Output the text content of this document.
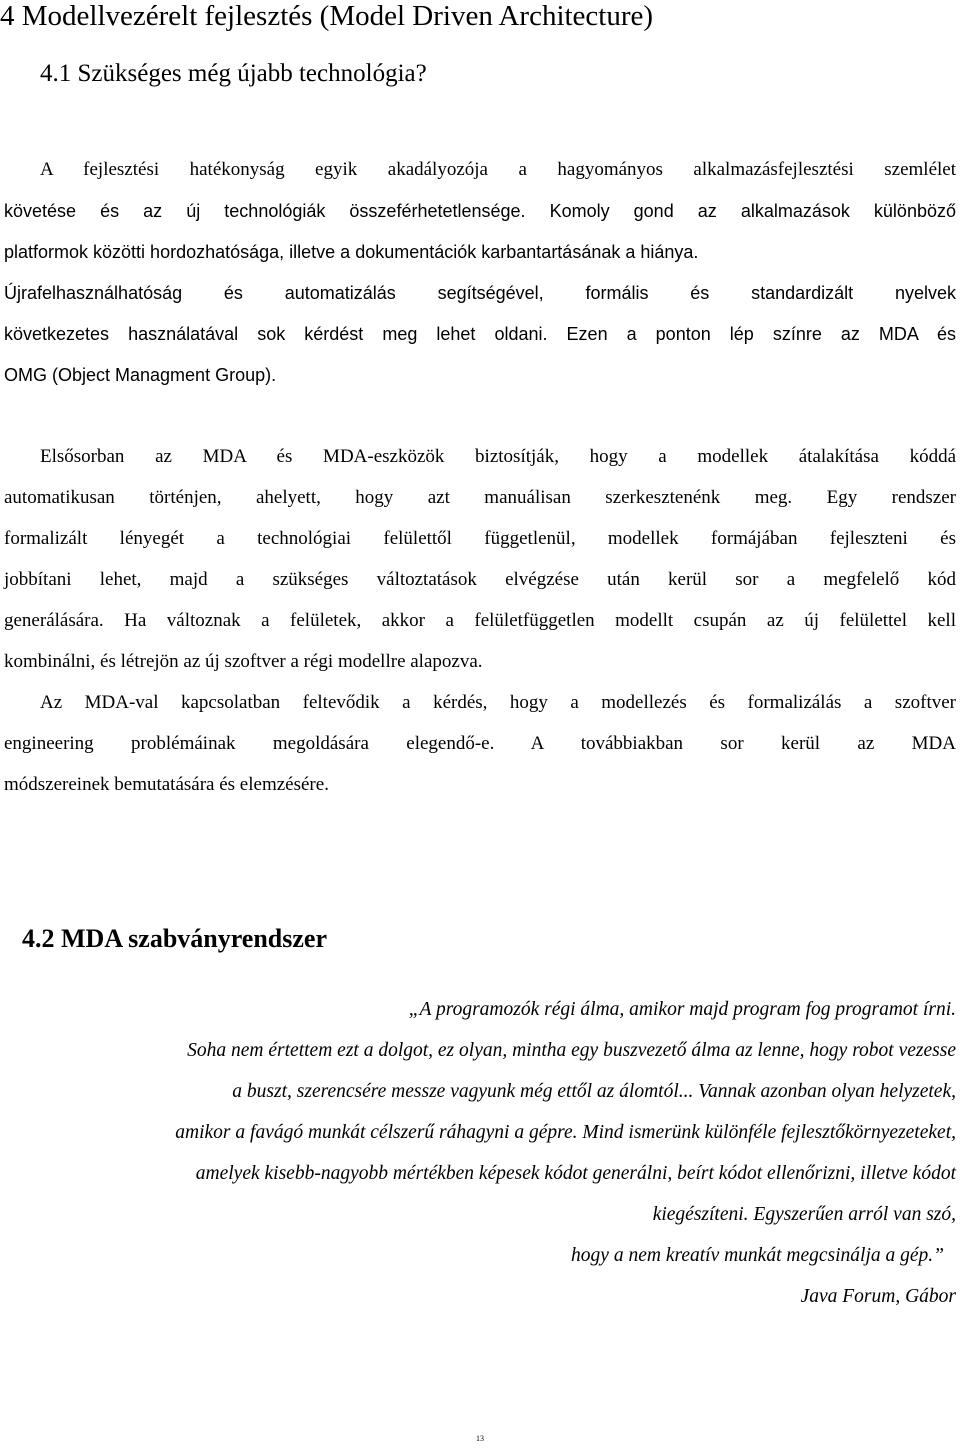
4 Modellvezérelt fejlesztés (Model Driven Architecture)
4.1 Szükséges még újabb technológia?
A fejlesztési hatékonyság egyik akadályozója a hagyományos alkalmazásfejlesztési szemlélet
követése és az új technológiák összeférhetetlensége. Komoly gond az alkalmazások különböző
platformok közötti hordozhatósága, illetve a dokumentációk karbantartásának a hiánya.
Újrafelhasználhatóság és automatizálás segítségével, formális és standardizált nyelvek
következetes használatával sok kérdést meg lehet oldani. Ezen a ponton lép színre az MDA és
OMG (Object Managment Group).
Elsősorban az MDA és MDA-eszközök biztosítják, hogy a modellek átalakítása kóddá
automatikusan történjen, ahelyett, hogy azt manuálisan szerkesztenénk meg. Egy rendszer
formalizált lényegét a technológiai felülettől függetlenül, modellek formájában fejleszteni és
jobbítani lehet, majd a szükséges változtatások elvégzése után kerül sor a megfelelő kód
generálására. Ha változnak a felületek, akkor a felületfüggetlen modellt csupán az új felülettel kell
kombinálni, és létrejön az új szoftver a régi modellre alapozva.
Az MDA-val kapcsolatban feltevődik a kérdés, hogy a modellezés és formalizálás a szoftver
engineering problémáinak megoldására elegendő-e. A továbbiakban sor kerül az MDA
módszereinek bemutatására és elemzésére.
4.2 MDA szabványrendszer
„A programozók régi álma, amikor majd program fog programot írni.
Soha nem értettem ezt a dolgot, ez olyan, mintha egy buszvezető álma az lenne, hogy robot vezesse
a buszt, szerencsére messze vagyunk még ettől az álomtól... Vannak azonban olyan helyzetek,
amikor a favágó munkát célszerű ráhagyni a gépre. Mind ismerünk különféle fejlesztőkörnyezeteket,
amelyek kisebb-nagyobb mértékben képesek kódot generálni, beírt kódot ellenőrizni, illetve kódot
kiegészíteni. Egyszerűen arról van szó,
hogy a nem kreatív munkát megcsinálja a gép.”
Java Forum, Gábor
13
